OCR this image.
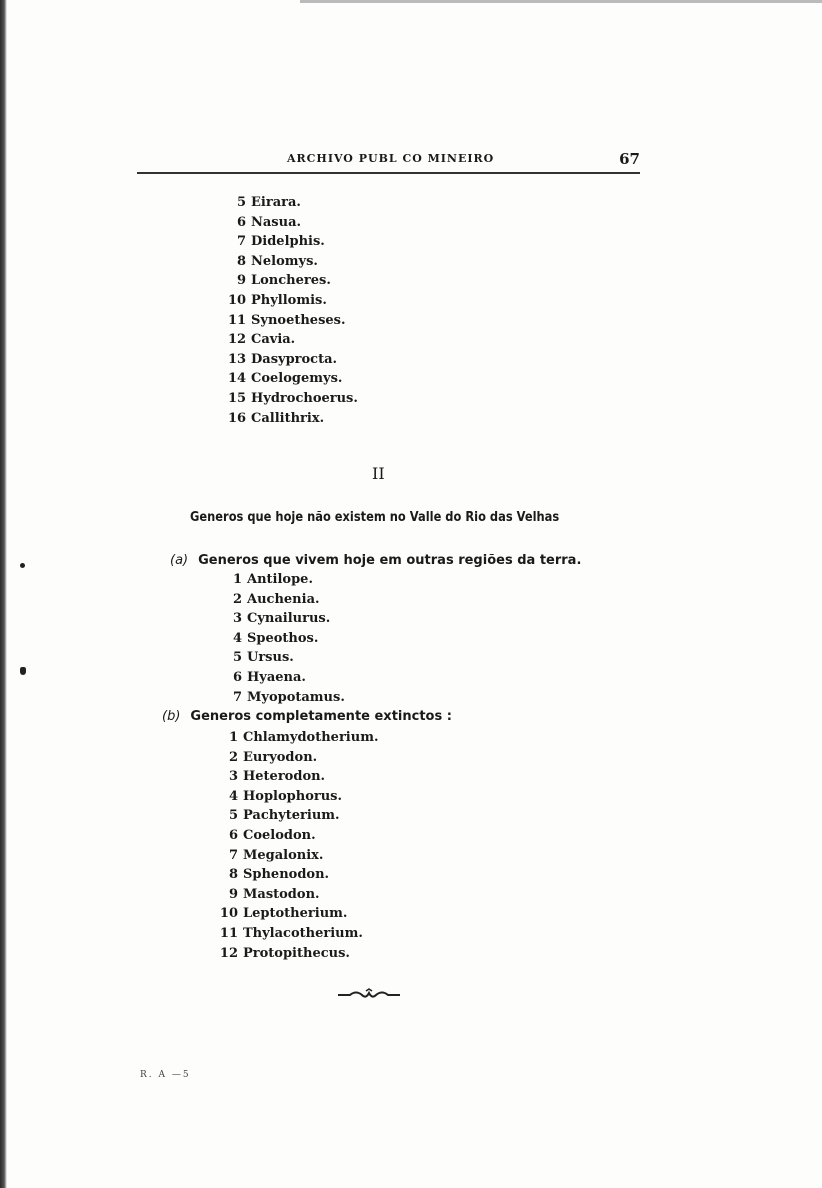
ARCHIVO PUBL CO MINEIRO	67
5 Eirara.
6 Nasua.
7 Didelphis.
8 Nelomys.
9 Loncheres.
10 Phyllomis.
11 Synoetheses.
12 Cavia.
13 Dasyprocta.
14 Coelogemys.
15 Hydrochoerus.
16 Callithrix.
II
Generos que hoje não existem no Valle do Rio das Velhas
(a) Generos que vivem hoje em outras regiões da terra.
1 Antilope.
2 Auchenia.
3 Cynailurus.
4 Speothos.
5 Ursus.
6 Hyaena.
7 Myopotamus.
(b) Generos completamente extinctos :
1 Chlamydotherium.
2 Euryodon.
3 Heterodon.
4 Hoplophorus.
5 Pachyterium.
6 Coelodon.
7 Megalonix.
8 Sphenodon.
9 Mastodon.
10 Leptotherium.
11 Thylacotherium.
12 Protopithecus.
R. A —5
